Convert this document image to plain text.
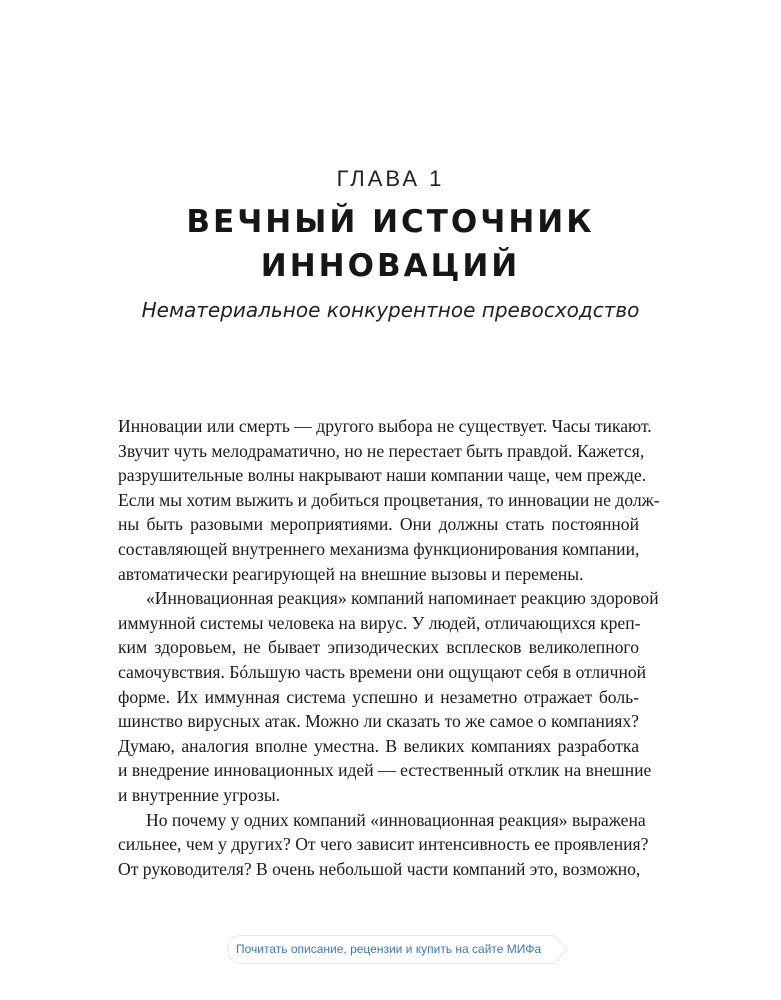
ГЛАВА 1
ВЕЧНЫЙ ИСТОЧНИК
ИННОВАЦИЙ
Нематериальное конкурентное превосходство
Инновации или смерть — другого выбора не существует. Часы тикают.
Звучит чуть мелодраматично, но не перестает быть правдой. Кажется,
разрушительные волны накрывают наши компании чаще, чем прежде.
Если мы хотим выжить и добиться процветания, то инновации не долж-
ны быть разовыми мероприятиями. Они должны стать постоянной
составляющей внутреннего механизма функционирования компании,
автоматически реагирующей на внешние вызовы и перемены.
«Инновационная реакция» компаний напоминает реакцию здоровой
иммунной системы человека на вирус. У людей, отличающихся креп-
ким здоровьем, не бывает эпизодических всплесков великолепного
самочувствия. Бóльшую часть времени они ощущают себя в отличной
форме. Их иммунная система успешно и незаметно отражает боль-
шинство вирусных атак. Можно ли сказать то же самое о компаниях?
Думаю, аналогия вполне уместна. В великих компаниях разработка
и внедрение инновационных идей — естественный отклик на внешние
и внутренние угрозы.
Но почему у одних компаний «инновационная реакция» выражена
сильнее, чем у других? От чего зависит интенсивность ее проявления?
От руководителя? В очень небольшой части компаний это, возможно,
Почитать описание, рецензии и купить на сайте МИФа
